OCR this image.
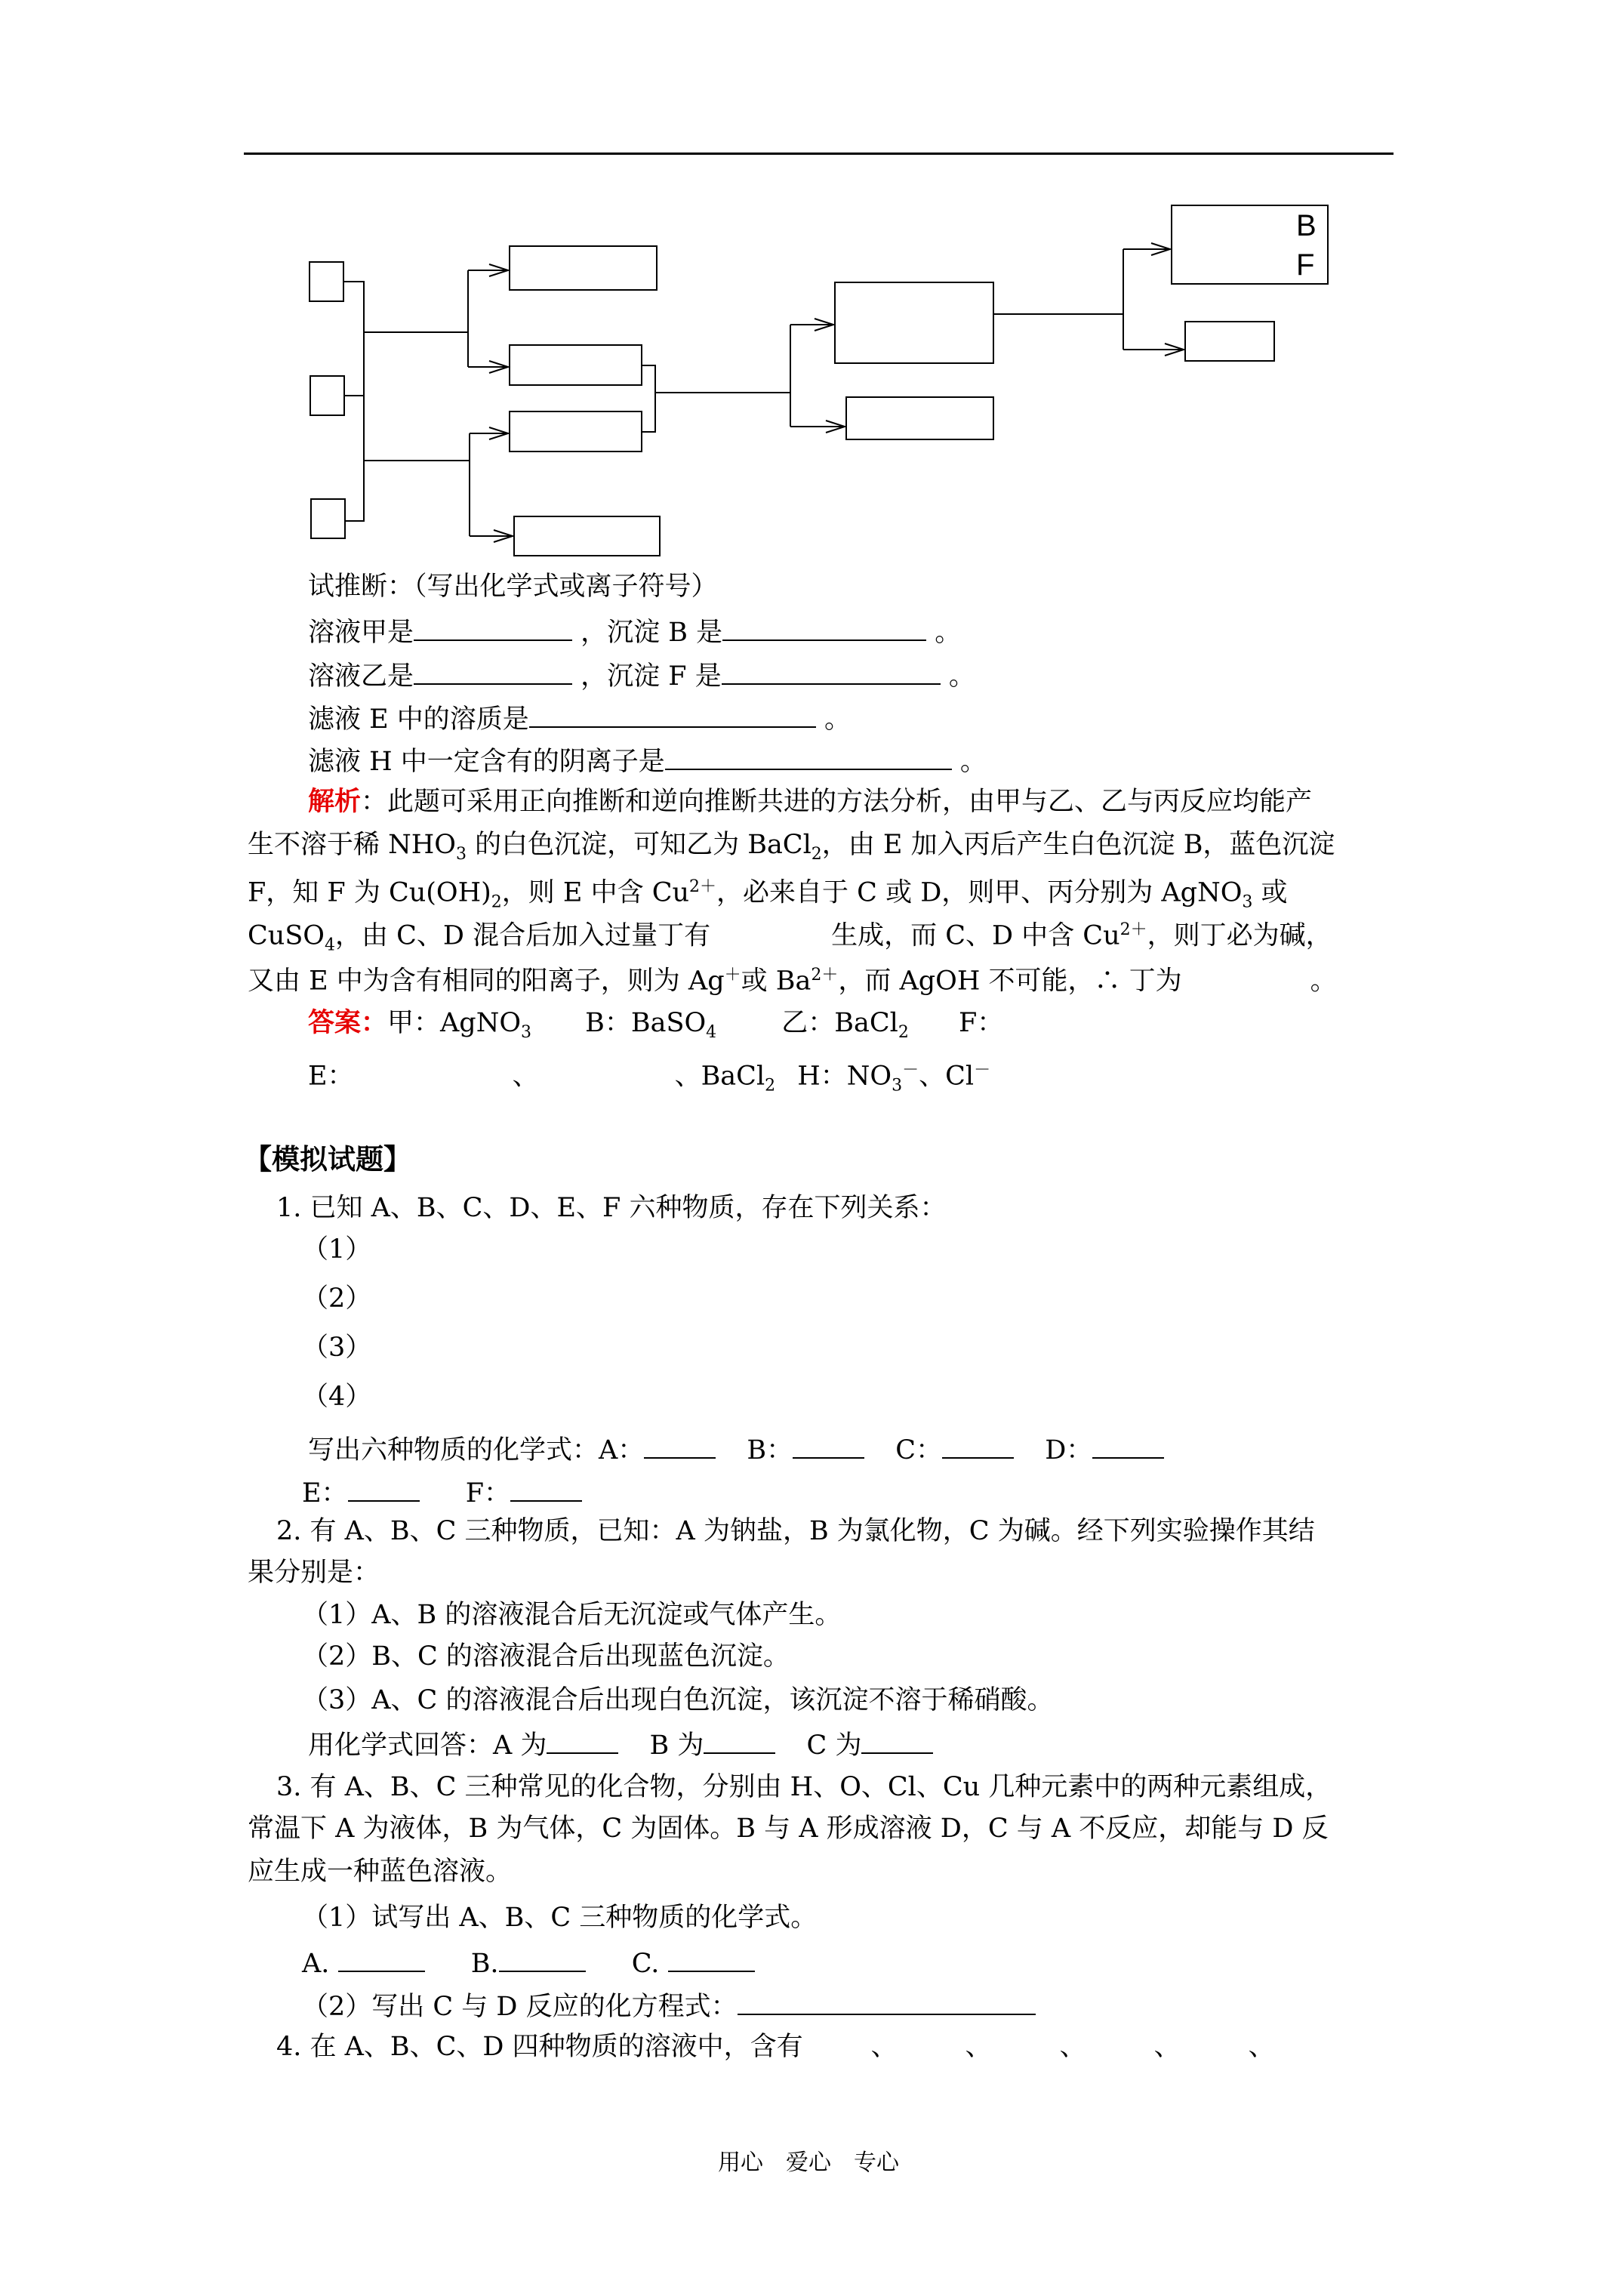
B
F
试推断：（写出化学式或离子符号）
溶液甲是	，沉淀 B 是	。
溶液乙是	，沉淀 F 是	。
滤液 E 中的溶质是	。
滤液 H 中一定含有的阴离子是	。
解析：此题可采用正向推断和逆向推断共进的方法分析，由甲与乙、乙与丙反应均能产
生不溶于稀 $NHO_3$ 的白色沉淀，可知乙为 BaCl$_2$，由 E 加入丙后产生白色沉淀 B，蓝色沉淀
F，知 F 为 $Cu(OH)_2$，则 E 中含 $Cu^{2+}$，必来自于 C 或 D，则甲、丙分别为 AgNO$_3$ 或
CuSO$_4$，由 C、D 混合后加入过量丁有	生成，而 C、D 中含 $Cu^{2+}$，则丁必为碱，
又由 E 中为含有相同的阳离子，则为 Ag＋或 $Ba^{2+}$，而 AgOH 不可能，∴ 丁为	。
答案：甲：AgNO$_3$ B：BaSO$_4$ 乙：BaCl$_2$ F：
E：	、	、BaCl$_2$ H：$NO_3^-$、Cl－
【模拟试题】
1. 已知 A、B、C、D、E、F 六种物质，存在下列关系：
（1）
（2）
（3）
（4）
写出六种物质的化学式：A：	B：	C：	D：
E：	F：
2. 有 A、B、C 三种物质，已知：A 为钠盐，B 为氯化物，C 为碱。经下列实验操作其结
果分别是：
（1）A、B 的溶液混合后无沉淀或气体产生。
（2）B、C 的溶液混合后出现蓝色沉淀。
（3）A、C 的溶液混合后出现白色沉淀，该沉淀不溶于稀硝酸。
用化学式回答：A 为	B 为	C 为
3. 有 A、B、C 三种常见的化合物，分别由 H、O、Cl、Cu 几种元素中的两种元素组成，
常温下 A 为液体，B 为气体，C 为固体。B 与 A 形成溶液 D，C 与 A 不反应，却能与 D 反
应生成一种蓝色溶液。
（1）试写出 A、B、C 三种物质的化学式。
A.	B.	C.
（2）写出 C 与 D 反应的化方程式：
4. 在 A、B、C、D 四种物质的溶液中，含有	、	、	、	、	、
用心　爱心　专心
